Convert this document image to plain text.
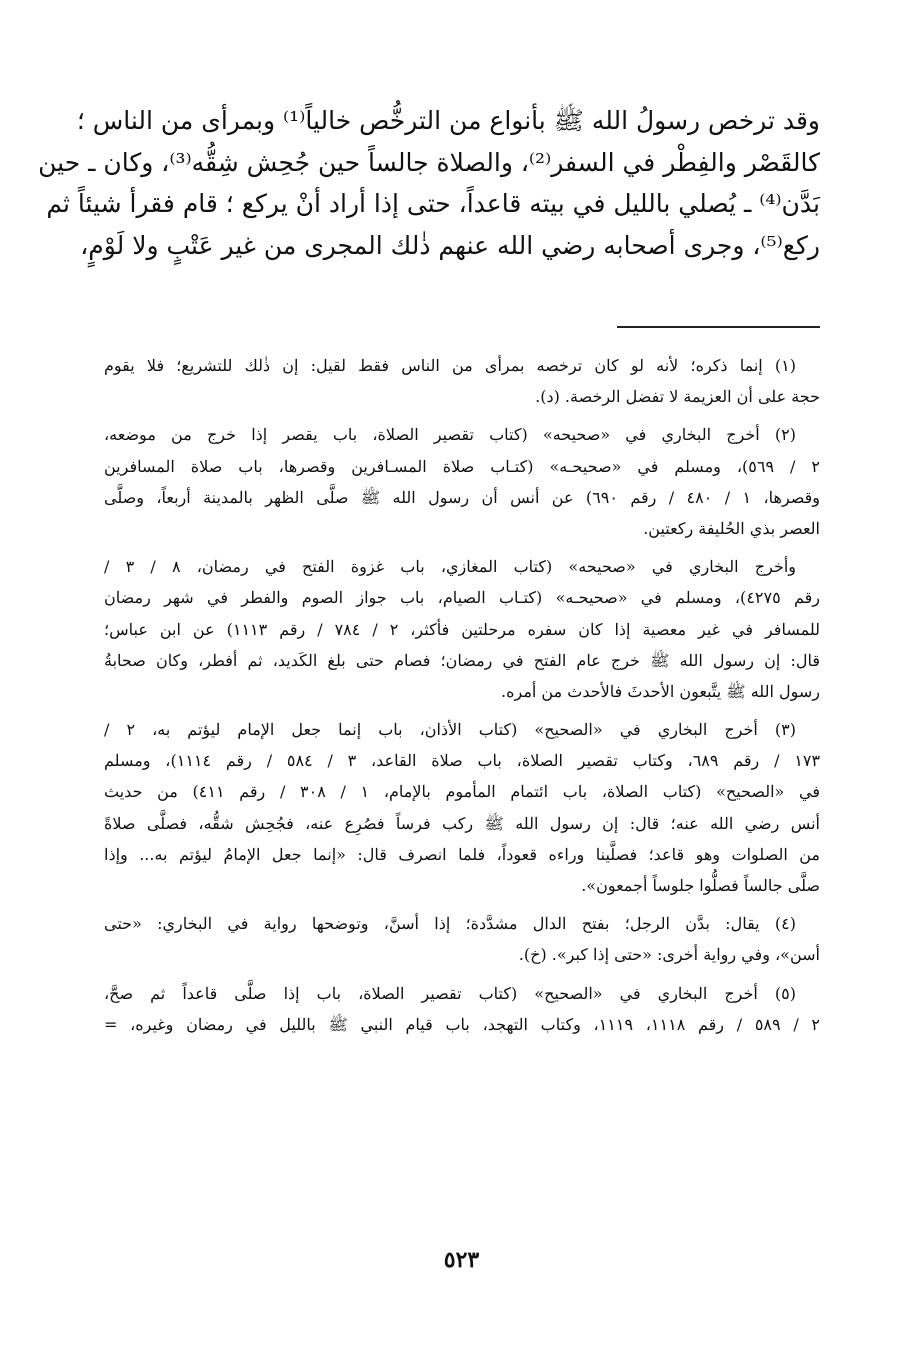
وقد ترخص رسولُ الله ﷺ بأنواع من الترخُّص خالياً⁽¹⁾ وبمرأى من الناس ؛
كالقَصْر والفِطْر في السفر⁽²⁾، والصلاة جالساً حين جُحِش شِقُّه⁽³⁾، وكان ـ حين
بَدَّن⁽⁴⁾ ـ يُصلي بالليل في بيته قاعداً، حتى إذا أراد أنْ يركع ؛ قام فقرأ شيئاً ثم
ركع⁽⁵⁾، وجرى أصحابه رضي الله عنهم ذٰلك المجرى من غير عَتْبٍ ولا لَوْمٍ،
(١) إنما ذكره؛ لأنه لو كان ترخصه بمرأى من الناس فقط لقيل: إن ذٰلك للتشريع؛ فلا يقوم
حجة على أن العزيمة لا تفضل الرخصة. (د).
(٢) أخرج البخاري في «صحيحه» (كتاب تقصير الصلاة، باب يقصر إذا خرج من موضعه،
٢ / ٥٦٩)، ومسلم في «صحيحـه» (كتـاب صلاة المسـافرين وقصرها، باب صلاة المسافرين
وقصرها، ١ / ٤٨٠ / رقم ٦٩٠) عن أنس أن رسول الله ﷺ صلَّى الظهر بالمدينة أربعاً، وصلَّى
العصر بذي الحُليفة ركعتين.
وأخرج البخاري في «صحيحه» (كتاب المغازي، باب غزوة الفتح في رمضان، ٨ / ٣ /
رقم ٤٢٧٥)، ومسلم في «صحيحـه» (كتـاب الصيام، باب جواز الصوم والفطر في شهر رمضان
للمسافر في غير معصية إذا كان سفره مرحلتين فأكثر، ٢ / ٧٨٤ / رقم ١١١٣) عن ابن عباس؛
قال: إن رسول الله ﷺ خرج عام الفتح في رمضان؛ فصام حتى بلغ الكَديد، ثم أفطر، وكان صحابةُ
رسول الله ﷺ يتَّبعون الأحدثَ فالأحدث من أمره.
(٣) أخرج البخاري في «الصحيح» (كتاب الأذان، باب إنما جعل الإمام ليؤتم به، ٢ /
١٧٣ / رقم ٦٨٩، وكتاب تقصير الصلاة، باب صلاة القاعد، ٣ / ٥٨٤ / رقم ١١١٤)، ومسلم
في «الصحيح» (كتاب الصلاة، باب ائتمام المأموم بالإمام، ١ / ٣٠٨ / رقم ٤١١) من حديث
أنس رضي الله عنه؛ قال: إن رسول الله ﷺ ركب فرساً فصُرِع عنه، فجُحِش شقُّه، فصلَّى صلاةً
من الصلوات وهو قاعد؛ فصلَّينا وراءه قعوداً، فلما انصرف قال: «إنما جعل الإمامُ ليؤتم به... وإذا
صلَّى جالساً فصلُّوا جلوساً أجمعون».
(٤) يقال: بدَّن الرجل؛ بفتح الدال مشدَّدة؛ إذا أسنَّ، وتوضحها رواية في البخاري: «حتى
أسن»، وفي رواية أخرى: «حتى إذا كبر». (خ).
(٥) أخرج البخاري في «الصحيح» (كتاب تقصير الصلاة، باب إذا صلَّى قاعداً ثم صحَّ،
٢ / ٥٨٩ / رقم ١١١٨، ١١١٩، وكتاب التهجد، باب قيام النبي ﷺ بالليل في رمضان وغيره، =
٥٢٣
